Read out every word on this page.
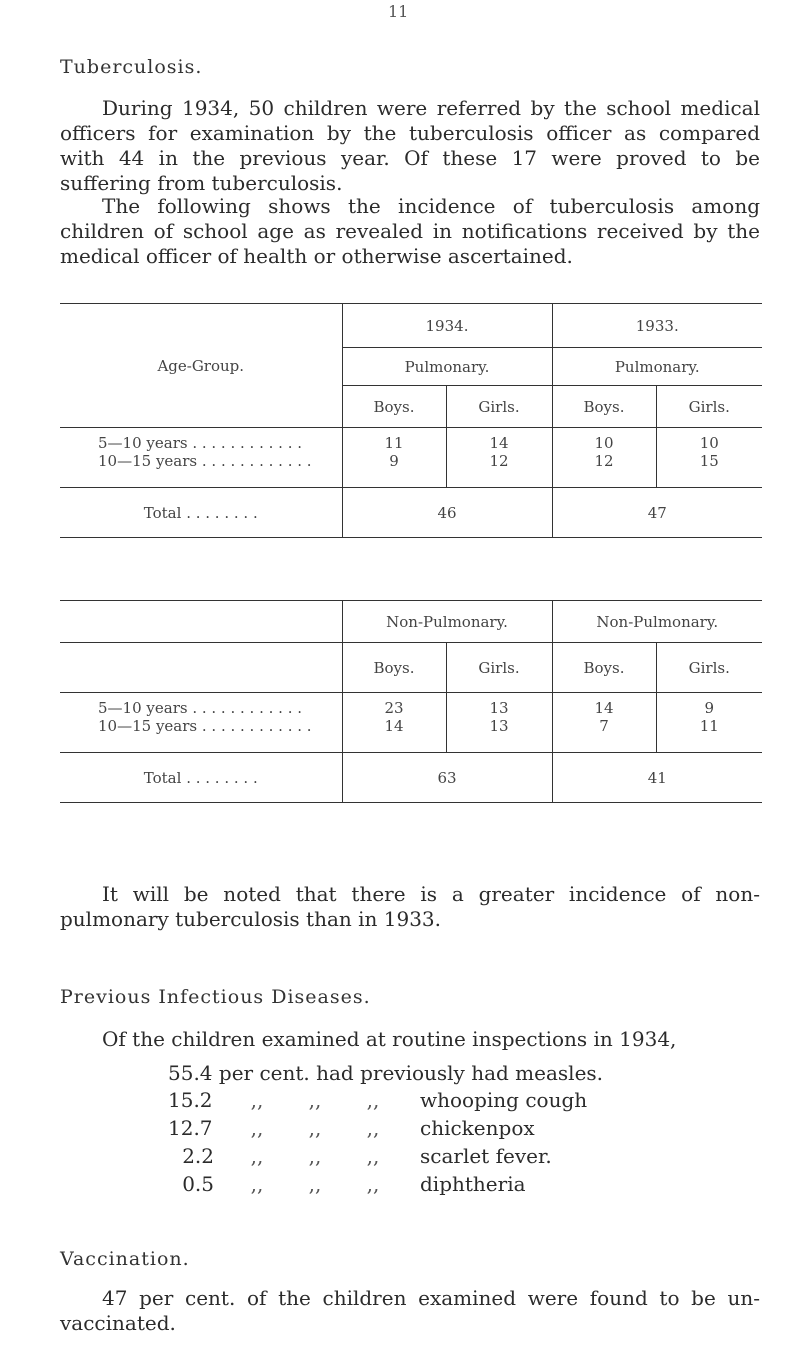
11
Tuberculosis.

During 1934, 50 children were referred by the school medical officers for examination by the tuberculosis officer as compared with 44 in the previous year. Of these 17 were proved to be suffering from tuberculosis.

The following shows the incidence of tuberculosis among children of school age as revealed in notifications received by the medical officer of health or otherwise ascertained.

Age-Group.	1934.		1933.	
	Pulmonary.		Pulmonary.	
	Boys.	Girls.	Boys.	Girls.
5—10 years . . . . . . . . . . . .	11	14	10	10
10—15 years . . . . . . . . . . . .	9	12	12	15
Total . . . . . . . .	46		47	
	Non-Pulmonary.		Non-Pulmonary.	
	Boys.	Girls.	Boys.	Girls.
5—10 years . . . . . . . . . . . .	23	13	14	9
10—15 years . . . . . . . . . . . .	14	13	7	11
Total . . . . . . . .	63		41	

It will be noted that there is a greater incidence of non-pulmonary tuberculosis than in 1933.

Previous Infectious Diseases.

Of the children examined at routine inspections in 1934,

55.4 per cent. had previously had measles.
15.2 ,, ,, ,, whooping cough
12.7 ,, ,, ,, chickenpox
2.2 ,, ,, ,, scarlet fever.
0.5 ,, ,, ,, diphtheria
Vaccination.

47 per cent. of the children examined were found to be un-vaccinated.
